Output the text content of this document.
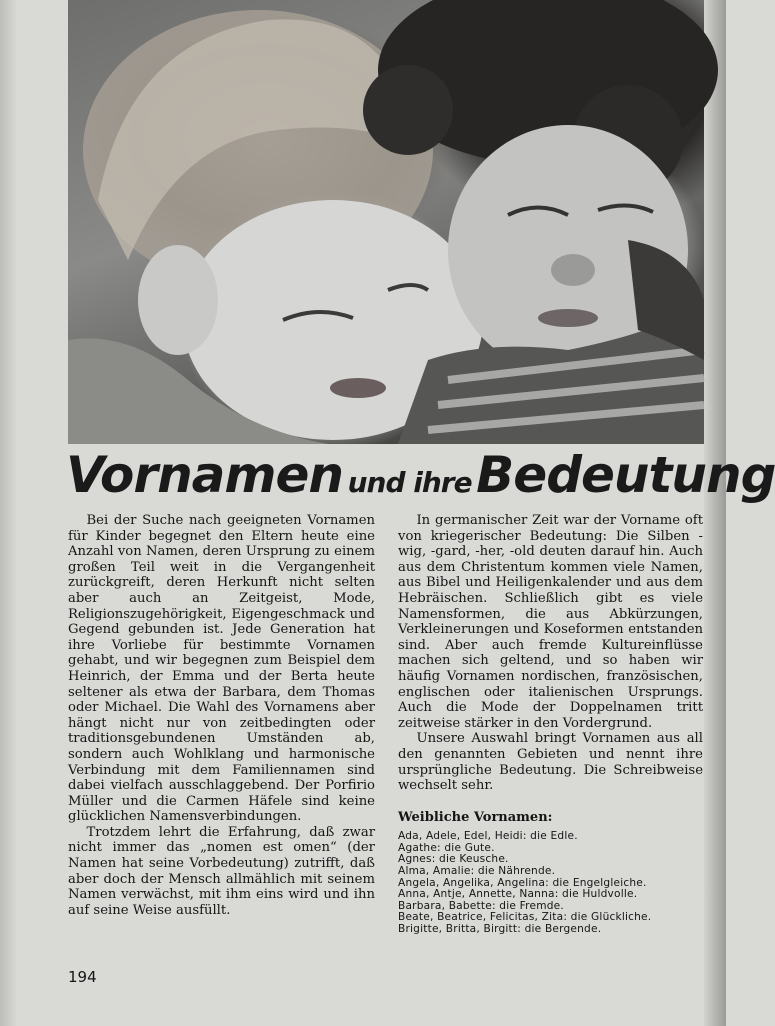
Vornamen und ihre Bedeutung

Bei der Suche nach geeigneten Vornamen für Kinder begegnet den Eltern heute eine Anzahl von Namen, deren Ursprung zu einem großen Teil weit in die Vergangenheit zurückgreift, deren Herkunft nicht selten aber auch an Zeitgeist, Mode, Religionszugehörigkeit, Eigengeschmack und Gegend gebunden ist. Jede Generation hat ihre Vorliebe für bestimmte Vornamen gehabt, und wir begegnen zum Beispiel dem Heinrich, der Emma und der Berta heute seltener als etwa der Barbara, dem Thomas oder Michael. Die Wahl des Vornamens aber hängt nicht nur von zeitbedingten oder traditionsgebundenen Umständen ab, sondern auch Wohlklang und harmonische Verbindung mit dem Familiennamen sind dabei vielfach ausschlaggebend. Der Porfirio Müller und die Carmen Häfele sind keine glücklichen Namensverbindungen.

Trotzdem lehrt die Erfahrung, daß zwar nicht immer das „nomen est omen“ (der Namen hat seine Vorbedeutung) zutrifft, daß aber doch der Mensch allmählich mit seinem Namen verwächst, mit ihm eins wird und ihn auf seine Weise ausfüllt.

In germanischer Zeit war der Vorname oft von kriegerischer Bedeutung: Die Silben -wig, -gard, -her, -old deuten darauf hin. Auch aus dem Christentum kommen viele Namen, aus Bibel und Heiligenkalender und aus dem Hebräischen. Schließlich gibt es viele Namensformen, die aus Abkürzungen, Verkleinerungen und Koseformen entstanden sind. Aber auch fremde Kultureinflüsse machen sich geltend, und so haben wir häufig Vornamen nordischen, französischen, englischen oder italienischen Ursprungs. Auch die Mode der Doppelnamen tritt zeitweise stärker in den Vordergrund.

Unsere Auswahl bringt Vornamen aus all den genannten Gebieten und nennt ihre ursprüngliche Bedeutung. Die Schreibweise wechselt sehr.

Weibliche Vornamen:

Ada, Adele, Edel, Heidi: die Edle.
Agathe: die Gute.
Agnes: die Keusche.
Alma, Amalie: die Nährende.
Angela, Angelika, Angelina: die Engelgleiche.
Anna, Antje, Annette, Nanna: die Huldvolle.
Barbara, Babette: die Fremde.
Beate, Beatrice, Felicitas, Zita: die Glückliche.
Brigitte, Britta, Birgitt: die Bergende.
194
